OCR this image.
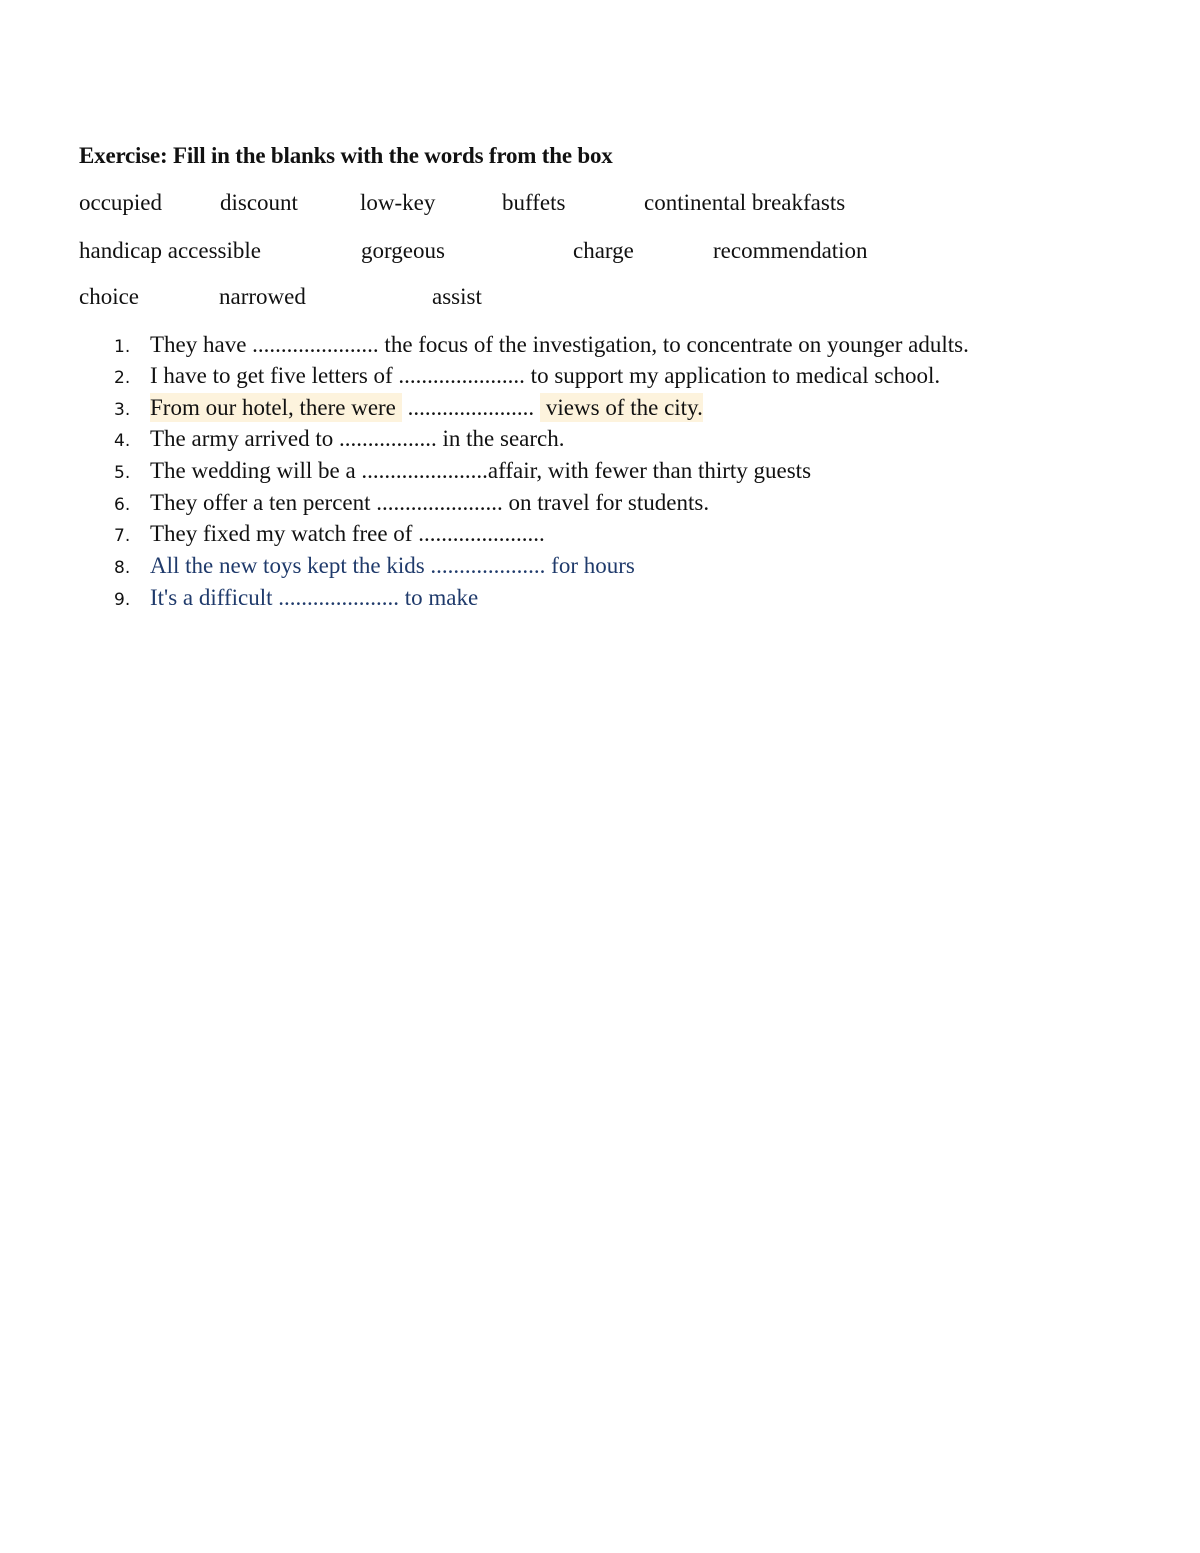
Exercise: Fill in the blanks with the words from the box
occupied	discount	low-key	buffets	continental breakfasts
handicap accessible	gorgeous	charge	recommendation
choice	narrowed	assist
1. They have ...................... the focus of the investigation, to concentrate on younger adults.
2. I have to get five letters of ...................... to support my application to medical school.
3. From our hotel, there were ...................... views of the city.
4. The army arrived to ................. in the search.
5. The wedding will be a ......................affair, with fewer than thirty guests
6. They offer a ten percent ...................... on travel for students.
7. They fixed my watch free of ......................
8. All the new toys kept the kids .................... for hours
9. It's a difficult ..................... to make
